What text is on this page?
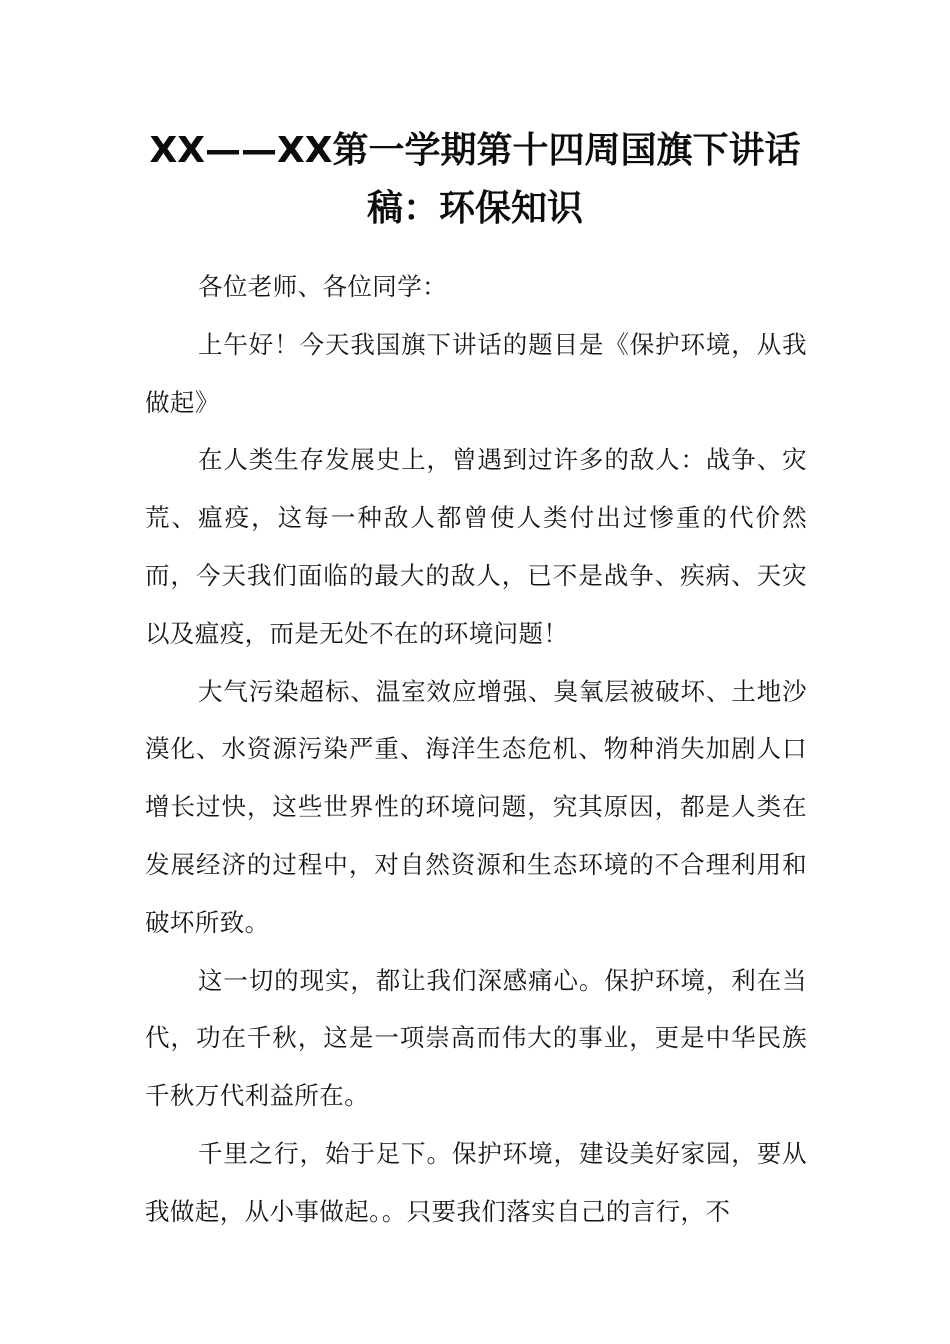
XX——XX第一学期第十四周国旗下讲话稿：环保知识

各位老师、各位同学：

上午好！今天我国旗下讲话的题目是《保护环境，从我做起》

在人类生存发展史上，曾遇到过许多的敌人：战争、灾荒、瘟疫，这每一种敌人都曾使人类付出过惨重的代价然而，今天我们面临的最大的敌人，已不是战争、疾病、天灾以及瘟疫，而是无处不在的环境问题！

大气污染超标、温室效应增强、臭氧层被破坏、土地沙漠化、水资源污染严重、海洋生态危机、物种消失加剧人口增长过快，这些世界性的环境问题，究其原因，都是人类在发展经济的过程中，对自然资源和生态环境的不合理利用和破坏所致。

这一切的现实，都让我们深感痛心。保护环境，利在当代，功在千秋，这是一项崇高而伟大的事业，更是中华民族千秋万代利益所在。

千里之行，始于足下。保护环境，建设美好家园，要从我做起，从小事做起。。只要我们落实自己的言行，不
